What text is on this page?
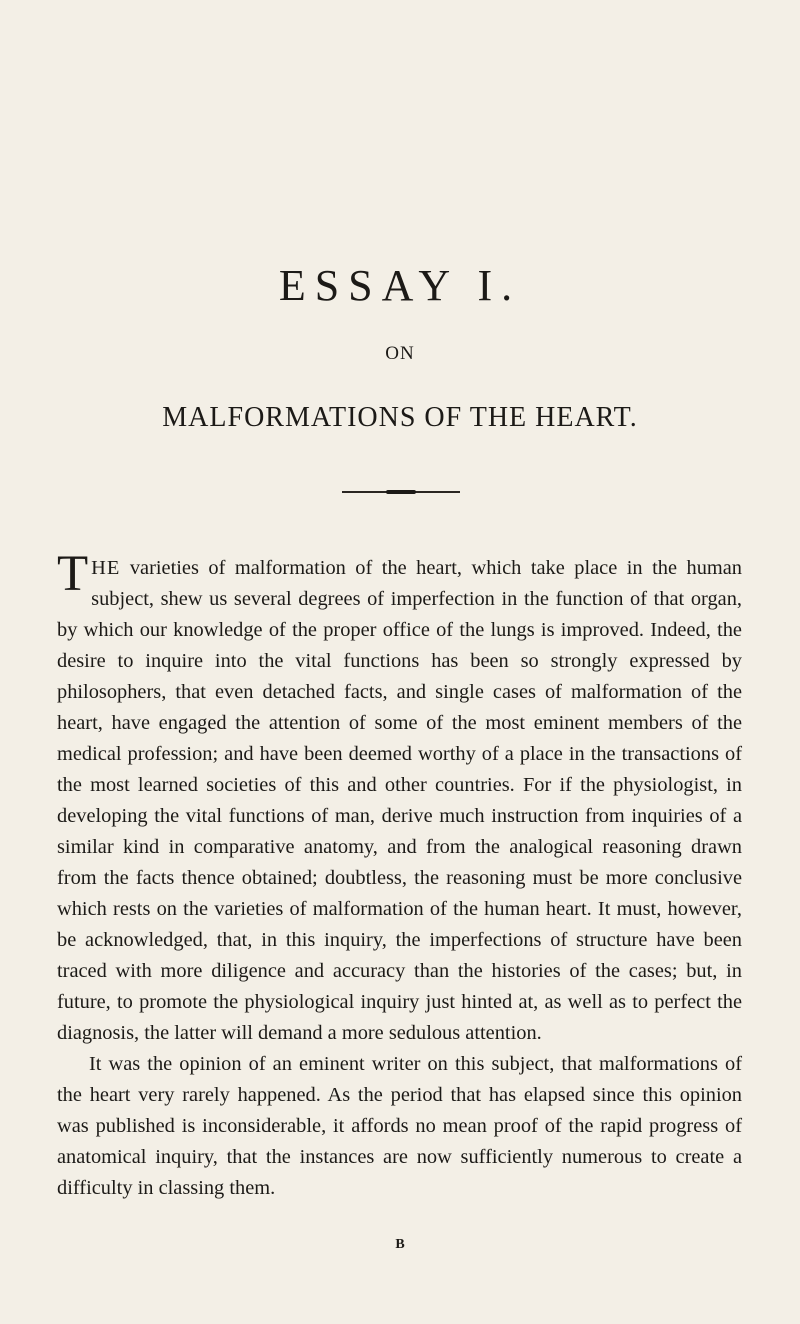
ESSAY I.
ON
MALFORMATIONS OF THE HEART.

THE varieties of malformation of the heart, which take place in the human subject, shew us several degrees of imperfection in the function of that organ, by which our knowledge of the proper office of the lungs is improved. Indeed, the desire to inquire into the vital functions has been so strongly expressed by philosophers, that even detached facts, and single cases of malformation of the heart, have engaged the attention of some of the most eminent members of the medical profession; and have been deemed worthy of a place in the transactions of the most learned societies of this and other countries. For if the physiologist, in developing the vital functions of man, derive much instruction from inquiries of a similar kind in comparative anatomy, and from the analogical reasoning drawn from the facts thence obtained; doubtless, the reasoning must be more conclusive which rests on the varieties of malformation of the human heart. It must, however, be acknowledged, that, in this inquiry, the imperfections of structure have been traced with more diligence and accuracy than the histories of the cases; but, in future, to promote the physiological inquiry just hinted at, as well as to perfect the diagnosis, the latter will demand a more sedulous attention.

It was the opinion of an eminent writer on this subject, that malformations of the heart very rarely happened. As the period that has elapsed since this opinion was published is inconsiderable, it affords no mean proof of the rapid progress of anatomical inquiry, that the instances are now sufficiently numerous to create a difficulty in classing them.

B
